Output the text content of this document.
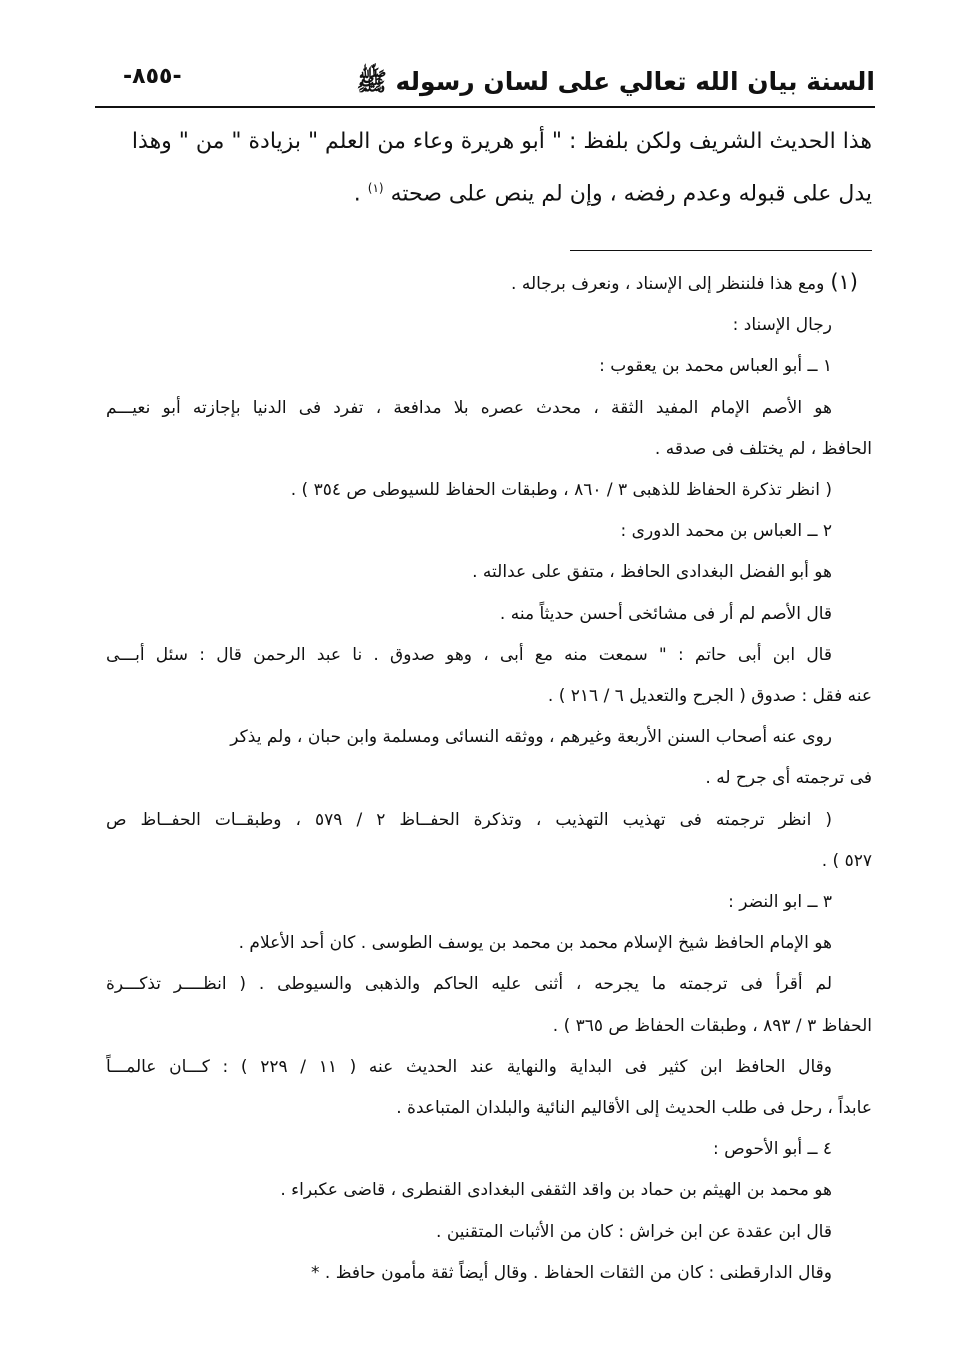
السنة بيان الله تعالي على لسان رسوله ﷺ
-٨٥٥-

هذا الحديث الشريف ولكن بلفظ : " أبو هريرة وعاء من العلم " بزيادة " من " وهذا

يدل على قبوله وعدم رفضه ، وإن لم ينص على صحته $^{(١)}$ .

(١)ومع هذا فلننظر إلى الإسناد ، ونعرف برجاله .

رجال الإسناد :

١ ــ أبو العباس محمد بن يعقوب :

هو الأصم الإمام المفيد الثقة ، محدث عصره بلا مدافعة ، تفرد فى الدنيا بإجازته أبو نعيـــم

الحافظ ، لم يختلف فى صدقه .

( انظر تذكرة الحفاظ للذهبى ٣ / ٨٦٠ ، وطبقات الحفاظ للسيوطى ص ٣٥٤ ) .

٢ ــ العباس بن محمد الدورى :

هو أبو الفضل البغدادى الحافظ ، متفق على عدالته .

قال الأصم لم أر فى مشائخى أحسن حديثاً منه .

قال ابن أبى حاتم : " سمعت منه مع أبى ، وهو صدوق . نا عبد الرحمن قال : سئل أبـــى

عنه فقل : صدوق ( الجرح والتعديل ٦ / ٢١٦ ) .

روى عنه أصحاب السنن الأربعة وغيرهم ، ووثقه النسائى ومسلمة وابن حبان ، ولم يذكر

فى ترجمته أى جرح له .

( انظر ترجمته فى تهذيب التهذيب ، وتذكرة الحفــاظ ٢ / ٥٧٩ ، وطبقــات الحفــاظ ص

٥٢٧ ) .

٣ ــ ابو النضر :

هو الإمام الحافظ شيخ الإسلام محمد بن محمد بن يوسف الطوسى . كان أحد الأعلام .

لم أقرأ فى ترجمته ما يجرحه ، أثنى عليه الحاكم والذهبى والسيوطى . ( انظــــر تذكـــرة

الحفاظ ٣ / ٨٩٣ ، وطبقات الحفاظ ص ٣٦٥ ) .

وقال الحافظ ابن كثير فى البداية والنهاية عند الحديث عنه ( ١١ / ٢٢٩ ) : كـــان عالمـــاً

عابداً ، رحل فى طلب الحديث إلى الأقاليم النائية والبلدان المتباعدة .

٤ ــ أبو الأحوص :

هو محمد بن الهيثم بن حماد بن واقد الثقفى البغدادى القنطرى ، قاضى عكبراء .

قال ابن عقدة عن ابن خراش : كان من الأثبات المتقنين .

وقال الدارقطنى : كان من الثقات الحفاظ . وقال أيضاً ثقة مأمون حافظ . *
